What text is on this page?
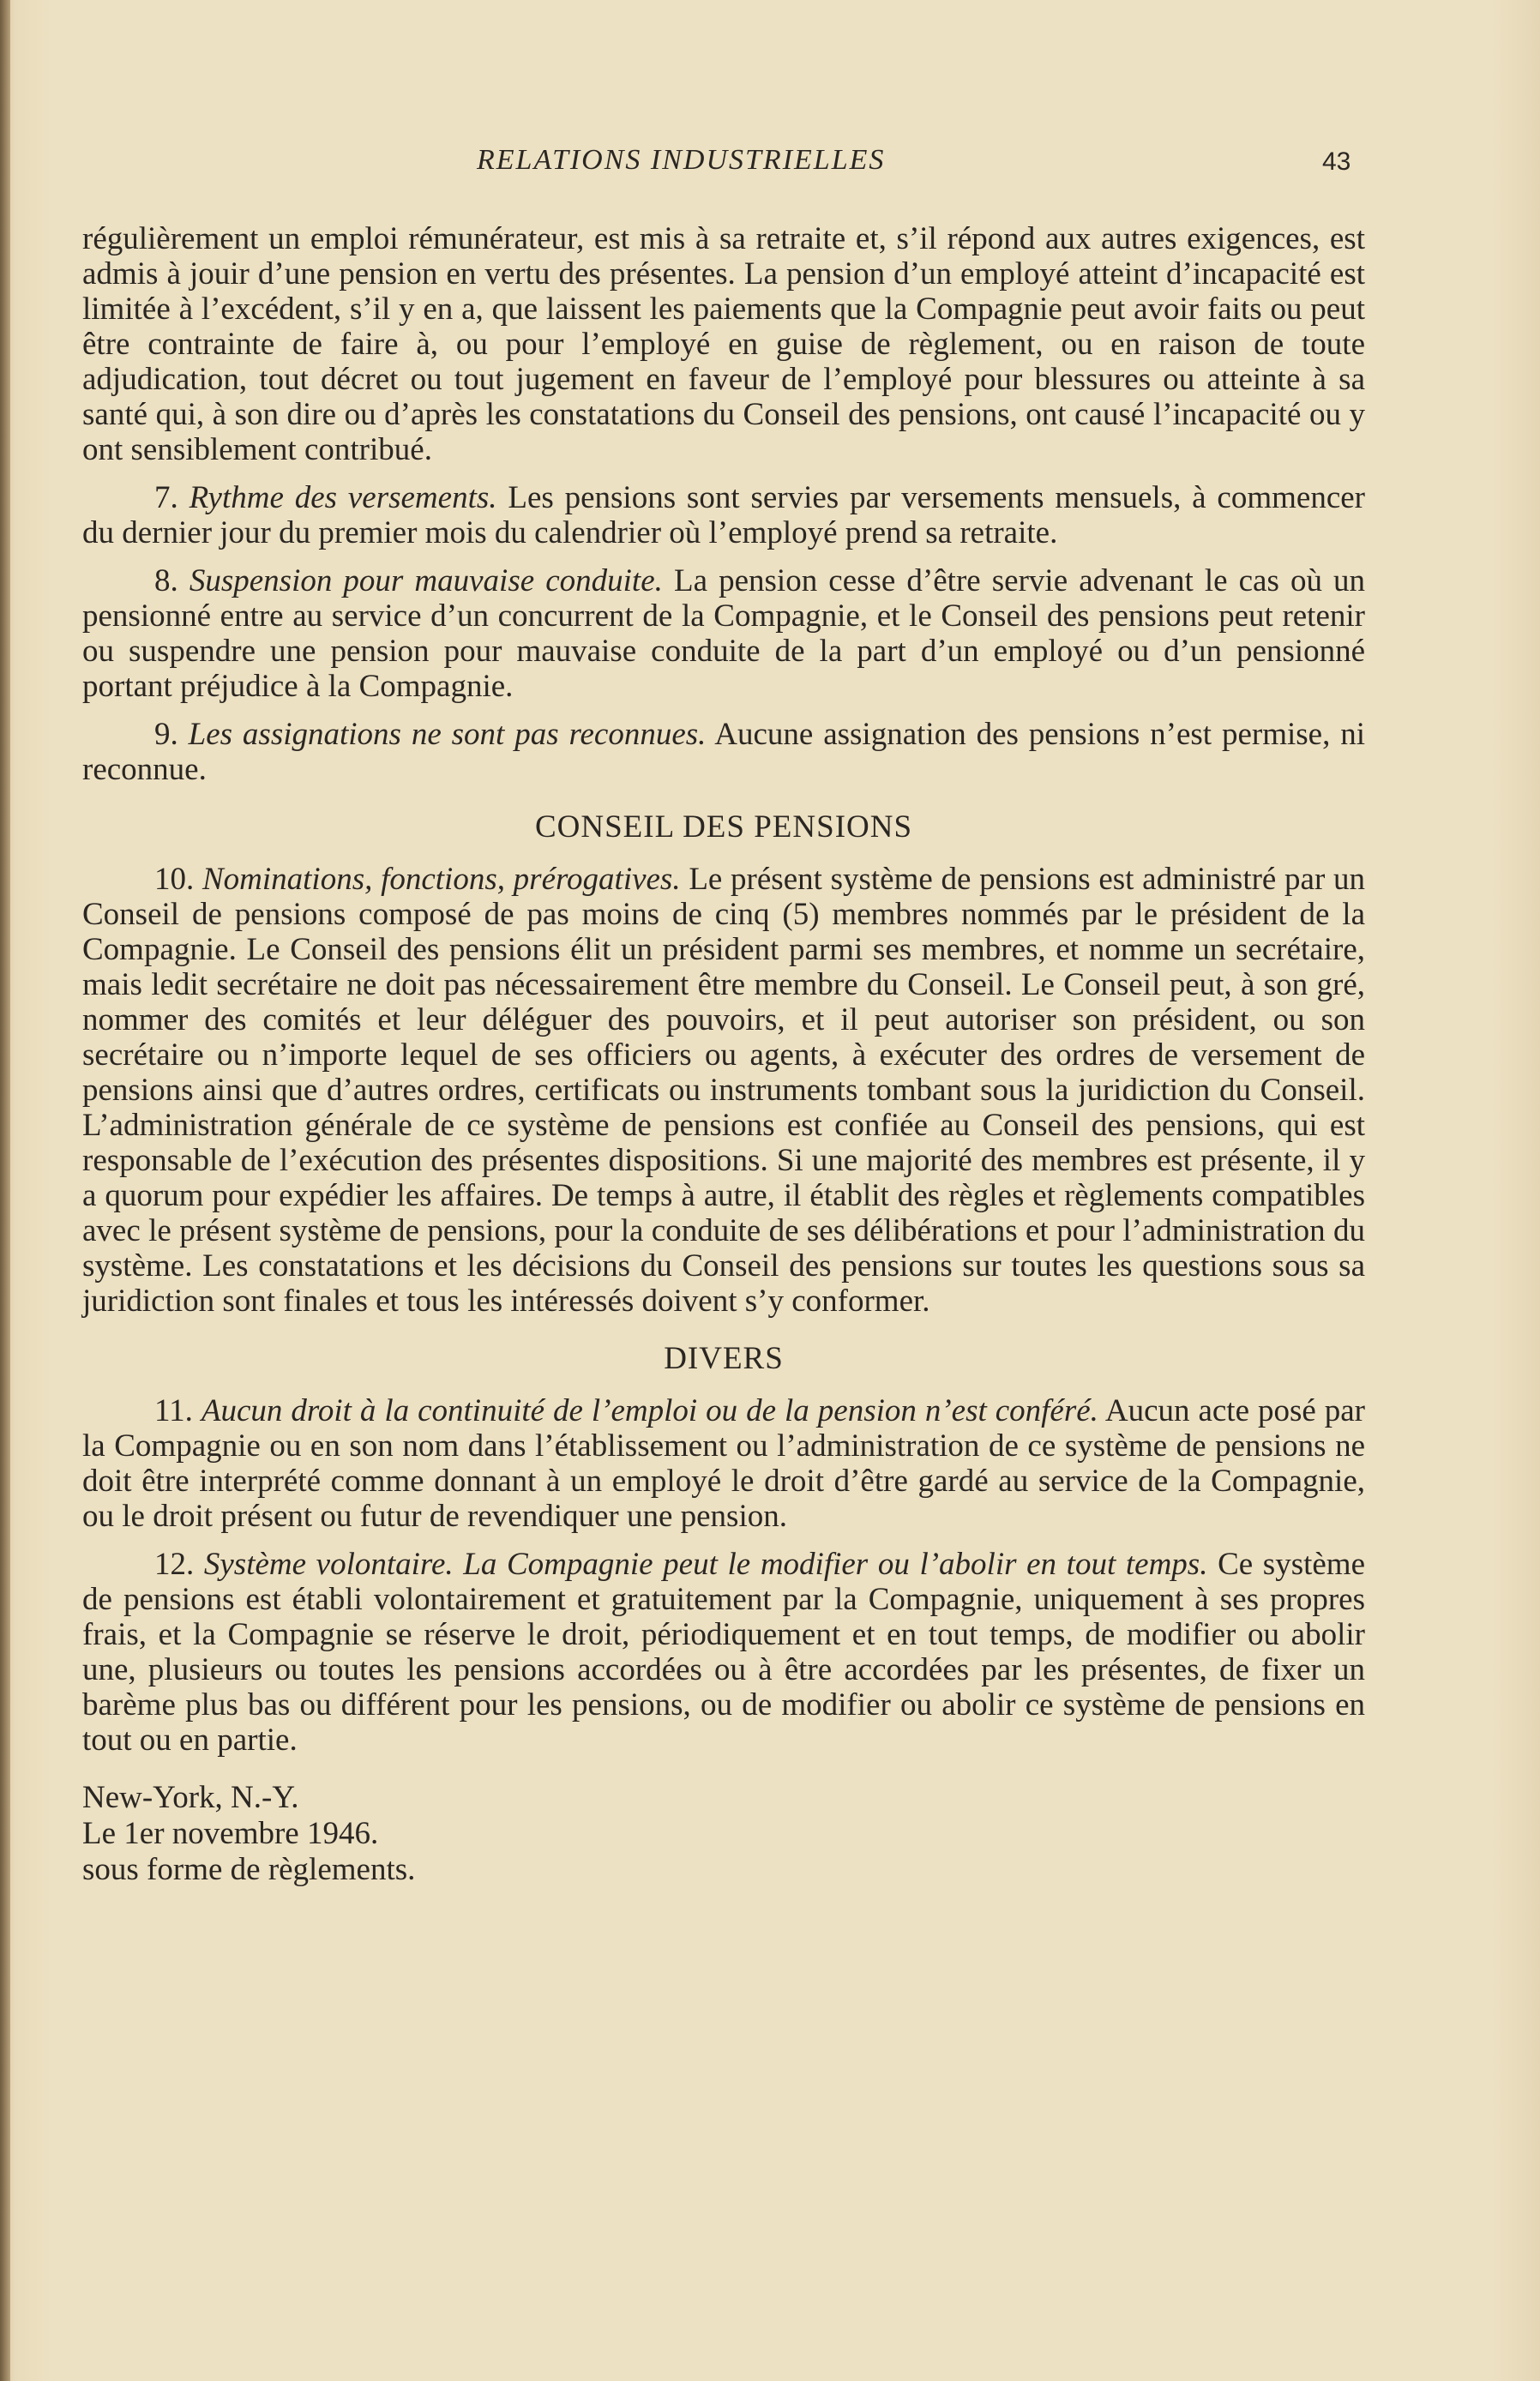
RELATIONS INDUSTRIELLES	43

régulièrement un emploi rémunérateur, est mis à sa retraite et, s’il répond aux autres exigences, est admis à jouir d’une pension en vertu des présentes. La pension d’un employé atteint d’incapacité est limitée à l’excédent, s’il y en a, que laissent les paiements que la Compagnie peut avoir faits ou peut être contrainte de faire à, ou pour l’employé en guise de règlement, ou en raison de toute adjudication, tout décret ou tout jugement en faveur de l’employé pour blessures ou atteinte à sa santé qui, à son dire ou d’après les constatations du Conseil des pensions, ont causé l’incapacité ou y ont sensiblement contribué.

7. Rythme des versements. Les pensions sont servies par versements mensuels, à commencer du dernier jour du premier mois du calendrier où l’employé prend sa retraite.

8. Suspension pour mauvaise conduite. La pension cesse d’être servie advenant le cas où un pensionné entre au service d’un concurrent de la Compagnie, et le Conseil des pensions peut retenir ou suspendre une pension pour mauvaise conduite de la part d’un employé ou d’un pensionné portant préjudice à la Compagnie.

9. Les assignations ne sont pas reconnues. Aucune assignation des pensions n’est permise, ni reconnue.

CONSEIL DES PENSIONS

10. Nominations, fonctions, prérogatives. Le présent système de pensions est administré par un Conseil de pensions composé de pas moins de cinq (5) membres nommés par le président de la Compagnie. Le Conseil des pensions élit un président parmi ses membres, et nomme un secrétaire, mais ledit secrétaire ne doit pas nécessairement être membre du Conseil. Le Conseil peut, à son gré, nommer des comités et leur déléguer des pouvoirs, et il peut autoriser son président, ou son secrétaire ou n’importe lequel de ses officiers ou agents, à exécuter des ordres de versement de pensions ainsi que d’autres ordres, certificats ou instruments tombant sous la juridiction du Conseil. L’administration générale de ce système de pensions est confiée au Conseil des pensions, qui est responsable de l’exécution des présentes dispositions. Si une majorité des membres est présente, il y a quorum pour expédier les affaires. De temps à autre, il établit des règles et règlements compatibles avec le présent système de pensions, pour la conduite de ses délibérations et pour l’administration du système. Les constatations et les décisions du Conseil des pensions sur toutes les questions sous sa juridiction sont finales et tous les intéressés doivent s’y conformer.

DIVERS

11. Aucun droit à la continuité de l’emploi ou de la pension n’est conféré. Aucun acte posé par la Compagnie ou en son nom dans l’établissement ou l’administration de ce système de pensions ne doit être interprété comme donnant à un employé le droit d’être gardé au service de la Compagnie, ou le droit présent ou futur de revendiquer une pension.

12. Système volontaire. La Compagnie peut le modifier ou l’abolir en tout temps. Ce système de pensions est établi volontairement et gratuitement par la Compagnie, uniquement à ses propres frais, et la Compagnie se réserve le droit, périodiquement et en tout temps, de modifier ou abolir une, plusieurs ou toutes les pensions accordées ou à être accordées par les présentes, de fixer un barème plus bas ou différent pour les pensions, ou de modifier ou abolir ce système de pensions en tout ou en partie.

New-York, N.-Y.
Le 1er novembre 1946.
sous forme de règlements.
